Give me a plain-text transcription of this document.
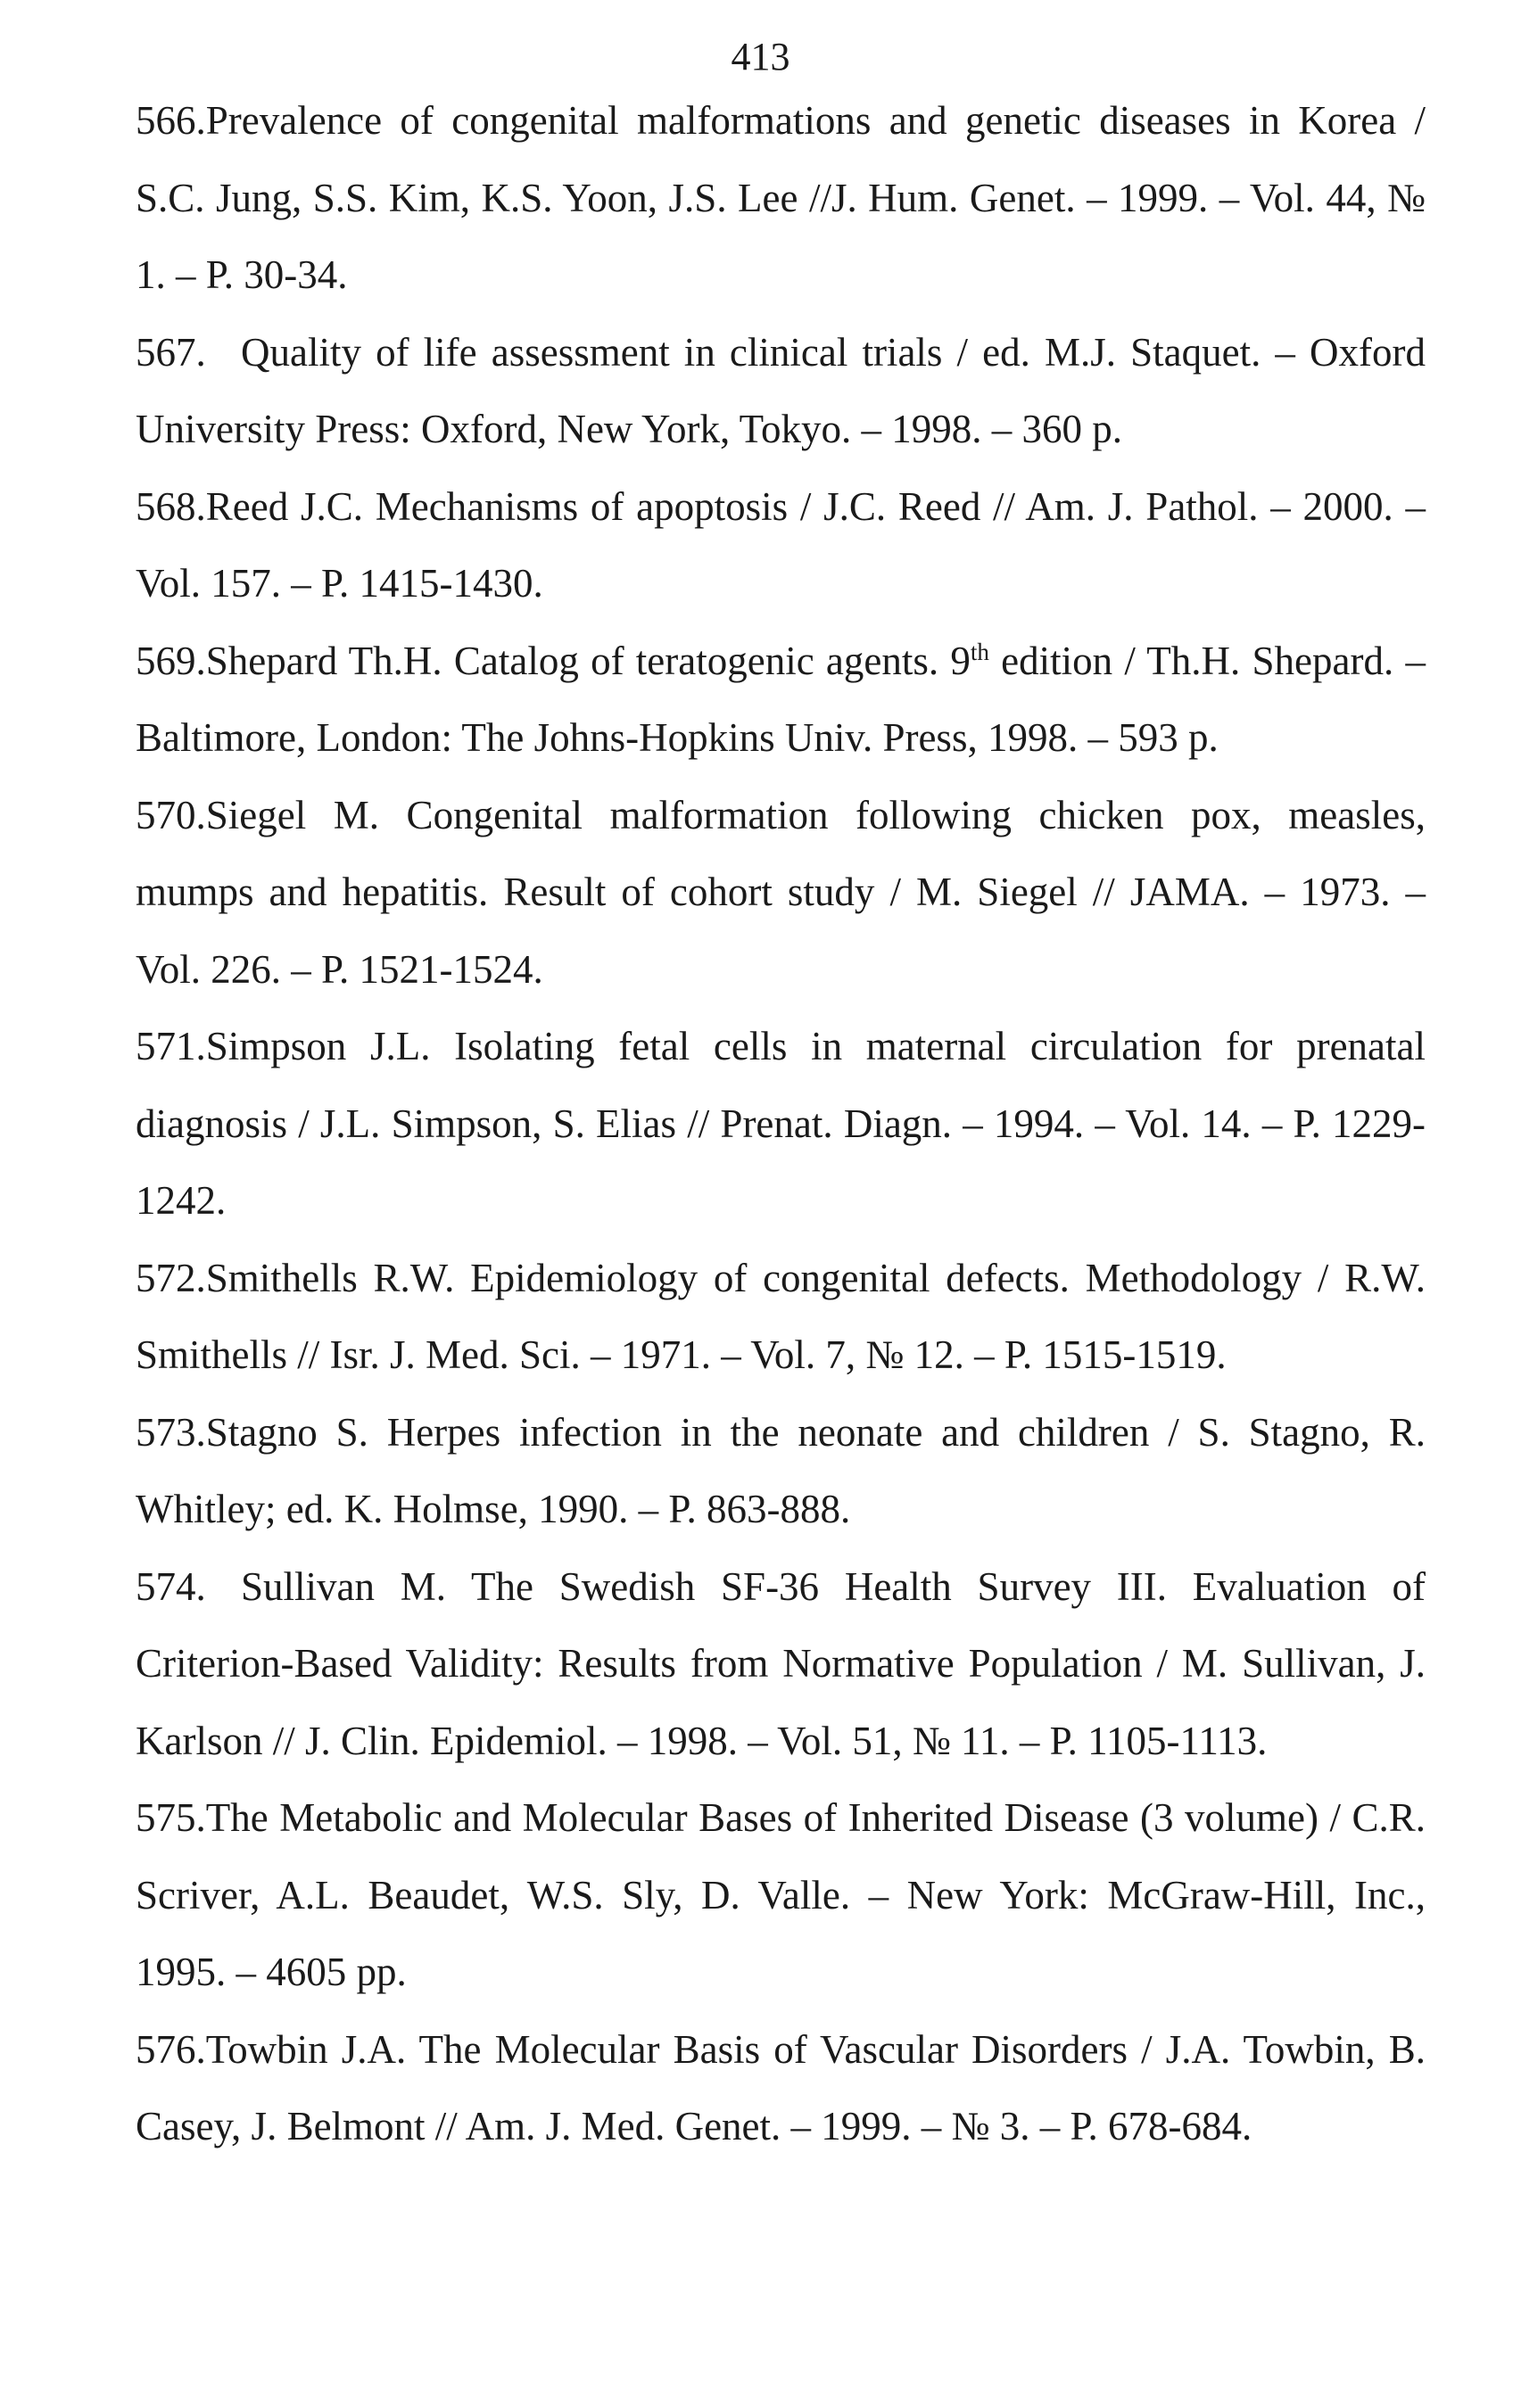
413
566.Prevalence of congenital malformations and genetic diseases in Korea / S.C. Jung, S.S. Kim, K.S. Yoon, J.S. Lee //J. Hum. Genet. – 1999. – Vol. 44, № 1. – P. 30-34.
567. Quality of life assessment in clinical trials / ed. M.J. Staquet. – Oxford University Press: Oxford, New York, Tokyo. – 1998. – 360 p.
568.Reed J.C. Mechanisms of apoptosis / J.C. Reed // Am. J. Pathol. – 2000. – Vol. 157. – P. 1415-1430.
569.Shepard Th.H. Catalog of teratogenic agents. 9th edition / Th.H. Shepard. – Baltimore, London: The Johns-Hopkins Univ. Press, 1998. – 593 p.
570.Siegel M. Congenital malformation following chicken pox, measles, mumps and hepatitis. Result of cohort study / M. Siegel // JAMA. – 1973. – Vol. 226. – P. 1521-1524.
571.Simpson J.L. Isolating fetal cells in maternal circulation for prenatal diagnosis / J.L. Simpson, S. Elias // Prenat. Diagn. – 1994. – Vol. 14. – P. 1229-1242.
572.Smithells R.W. Epidemiology of congenital defects. Methodology / R.W. Smithells // Isr. J. Med. Sci. – 1971. – Vol. 7, № 12. – P. 1515-1519.
573.Stagno S. Herpes infection in the neonate and children / S. Stagno, R. Whitley; ed. K. Holmse, 1990. – P. 863-888.
574. Sullivan M. The Swedish SF-36 Health Survey III. Evaluation of Criterion-Based Validity: Results from Normative Population / M. Sullivan, J. Karlson // J. Clin. Epidemiol. – 1998. – Vol. 51, № 11. – P. 1105-1113.
575.The Metabolic and Molecular Bases of Inherited Disease (3 volume) / C.R. Scriver, A.L. Beaudet, W.S. Sly, D. Valle. – New York: McGraw-Hill, Inc., 1995. – 4605 pp.
576.Towbin J.A. The Molecular Basis of Vascular Disorders / J.A. Towbin, B. Casey, J. Belmont // Am. J. Med. Genet. – 1999. – № 3. – P. 678-684.
